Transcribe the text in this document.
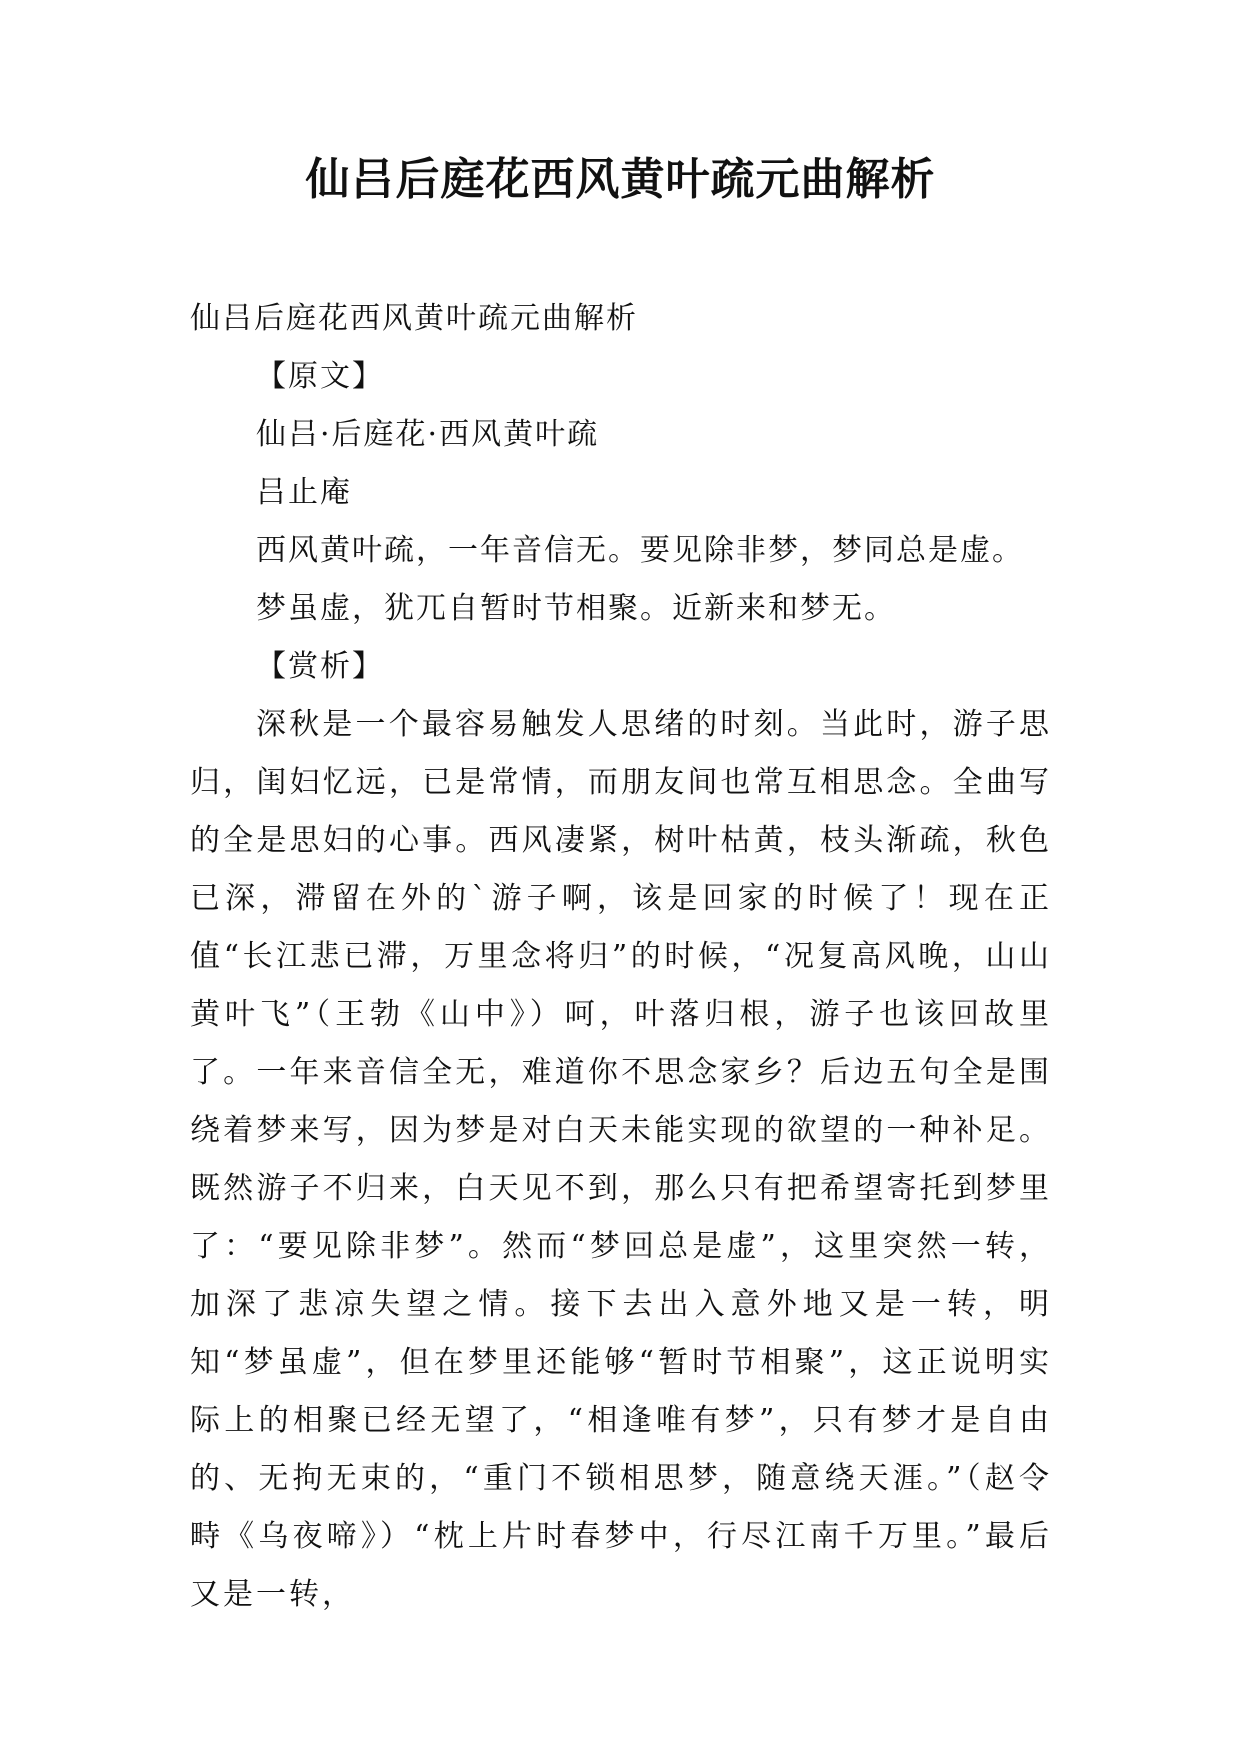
仙吕后庭花西风黄叶疏元曲解析

仙吕后庭花西风黄叶疏元曲解析

【原文】

仙吕·后庭花·西风黄叶疏

吕止庵

西风黄叶疏，一年音信无。要见除非梦，梦同总是虚。

梦虽虚，犹兀自暂时节相聚。近新来和梦无。

【赏析】

深秋是一个最容易触发人思绪的时刻。当此时，游子思归，闺妇忆远，已是常情，而朋友间也常互相思念。全曲写的全是思妇的心事。西风凄紧，树叶枯黄，枝头渐疏，秋色已深，滞留在外的`游子啊，该是回家的时候了！现在正值“长江悲已滞，万里念将归”的时候，“况复高风晚，山山黄叶飞”（王勃《山中》）呵，叶落归根，游子也该回故里了。一年来音信全无，难道你不思念家乡？后边五句全是围绕着梦来写，因为梦是对白天未能实现的欲望的一种补足。既然游子不归来，白天见不到，那么只有把希望寄托到梦里了：“要见除非梦”。然而“梦回总是虚”，这里突然一转，加深了悲凉失望之情。接下去出入意外地又是一转，明知“梦虽虚”，但在梦里还能够“暂时节相聚”，这正说明实际上的相聚已经无望了，“相逢唯有梦”，只有梦才是自由的、无拘无束的，“重门不锁相思梦，随意绕天涯。”（赵令畤《乌夜啼》）“枕上片时春梦中，行尽江南千万里。”最后又是一转，
